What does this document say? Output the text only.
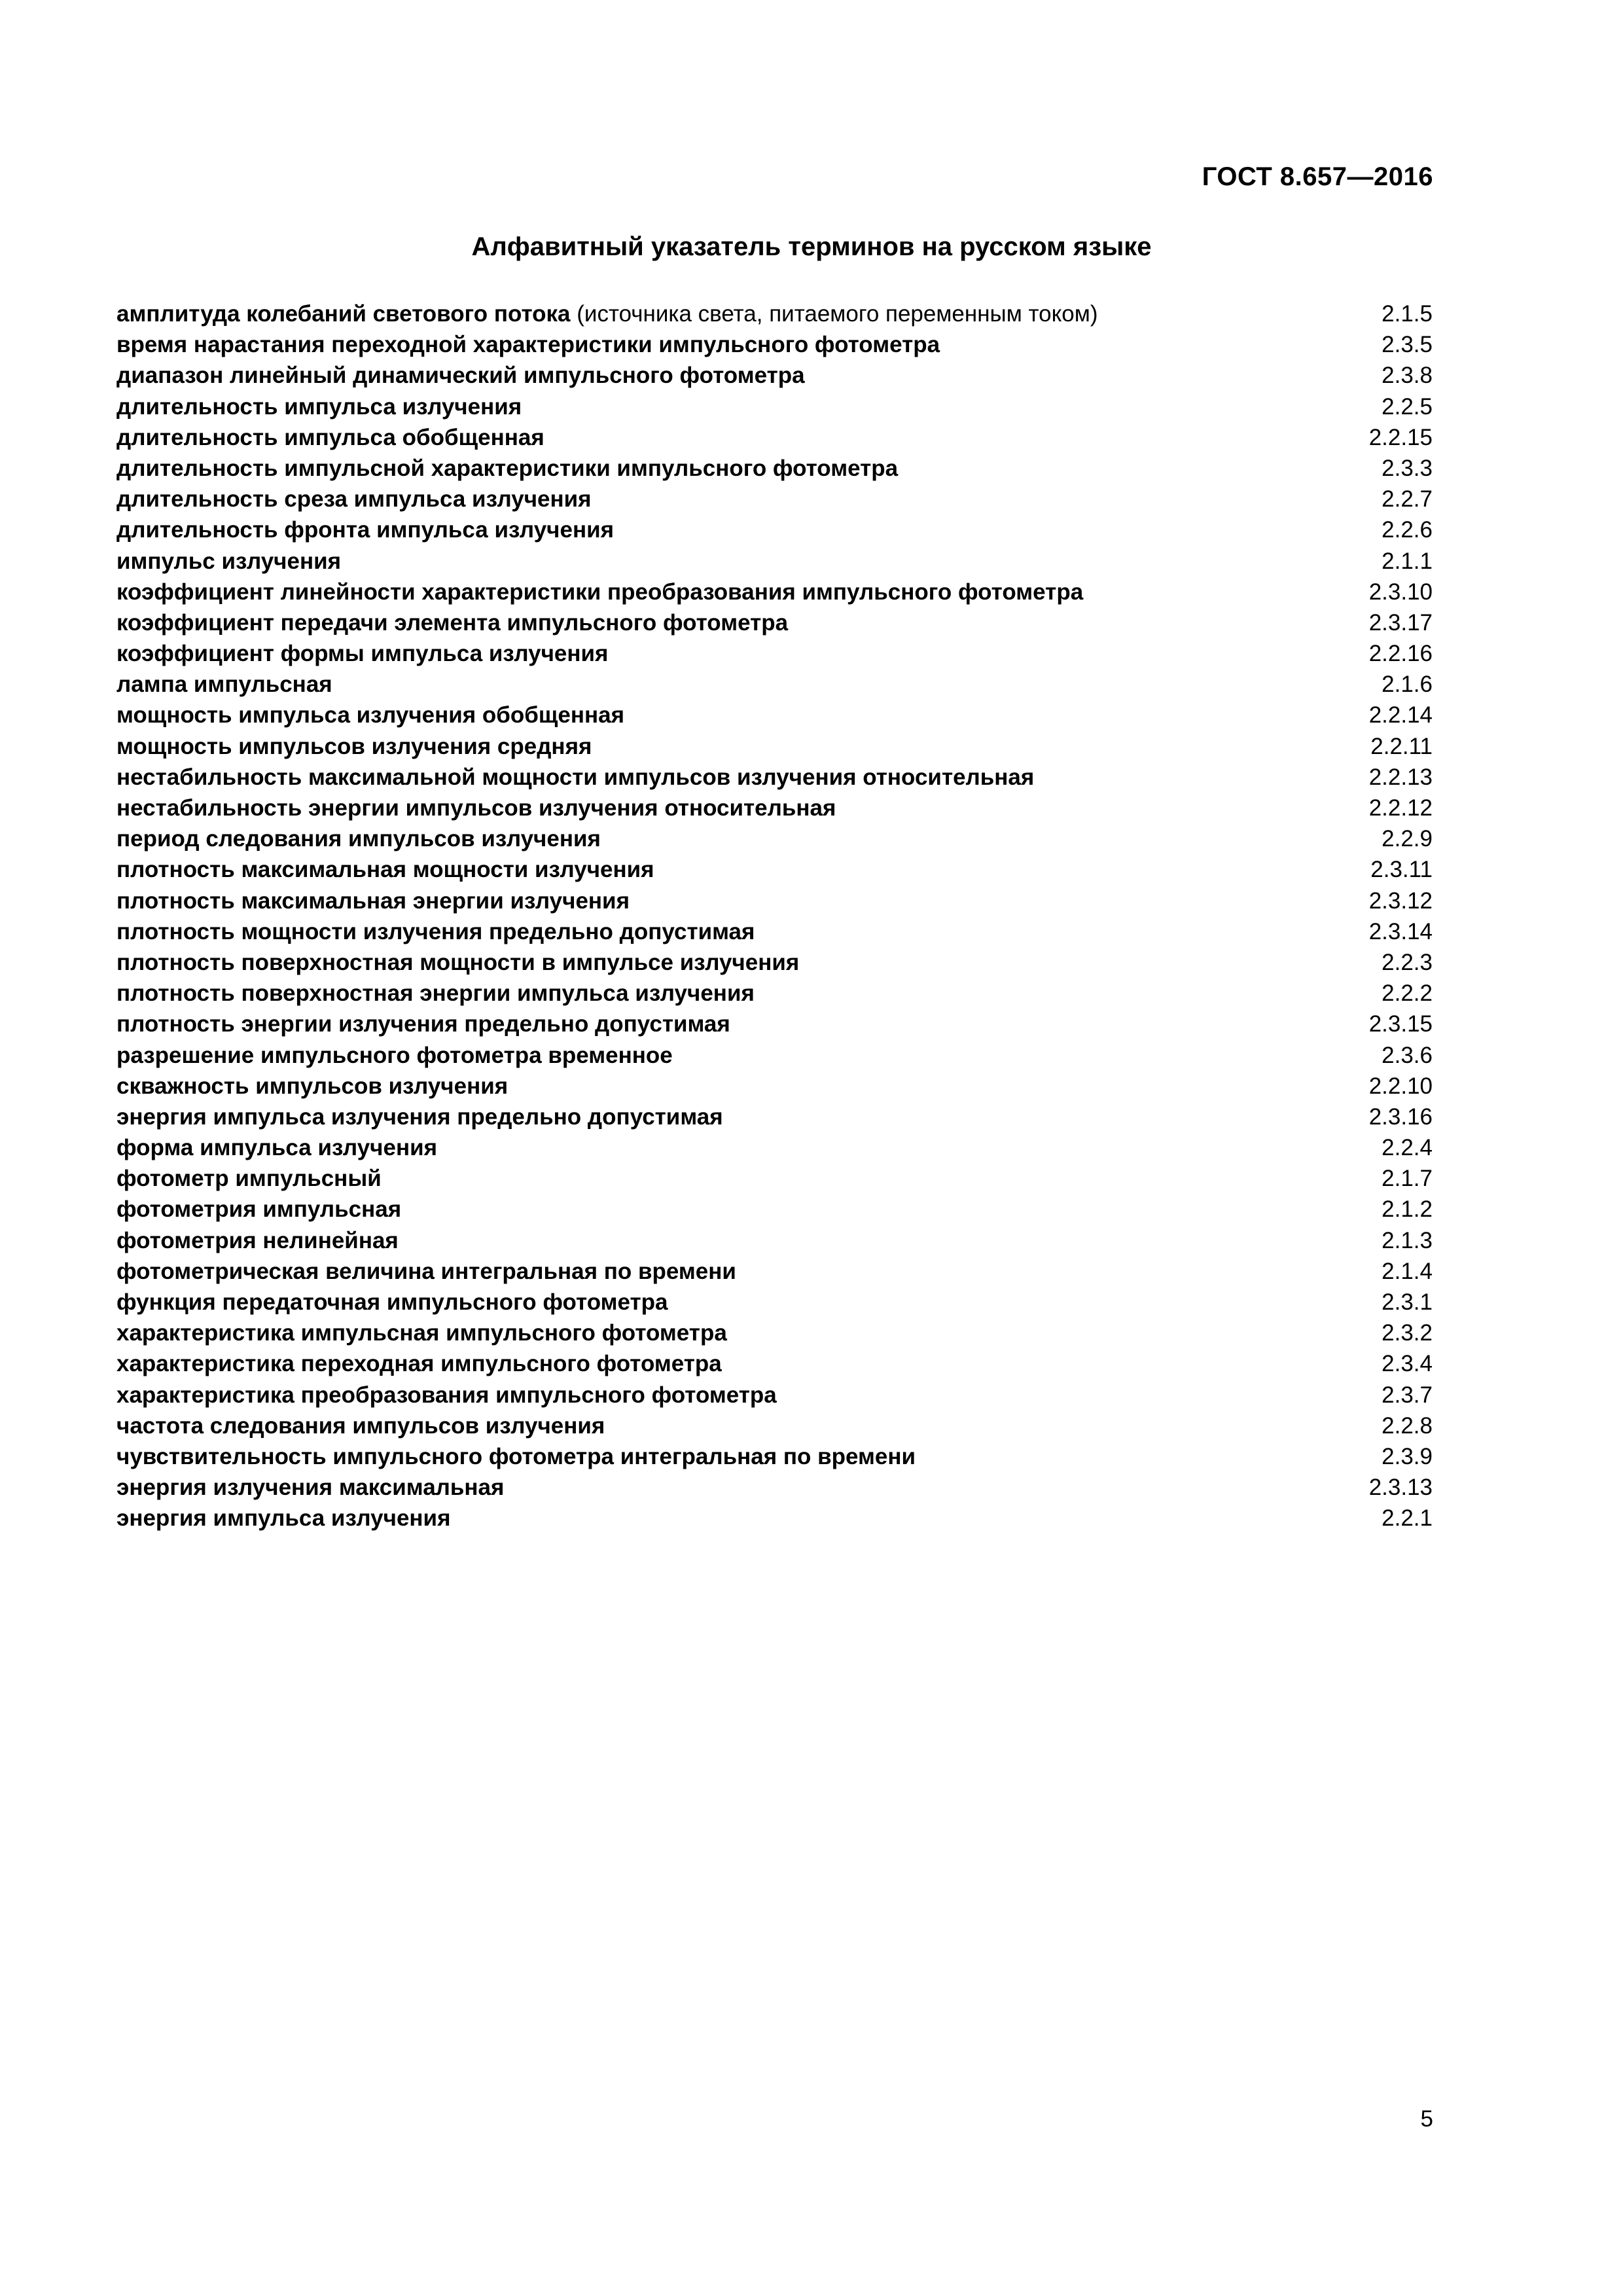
ГОСТ 8.657—2016
Алфавитный указатель терминов на русском языке
амплитуда колебаний светового потока (источника света, питаемого переменным током)	2.1.5
время нарастания переходной характеристики импульсного фотометра	2.3.5
диапазон линейный динамический импульсного фотометра	2.3.8
длительность импульса излучения	2.2.5
длительность импульса обобщенная	2.2.15
длительность импульсной характеристики импульсного фотометра	2.3.3
длительность среза импульса излучения	2.2.7
длительность фронта импульса излучения	2.2.6
импульс излучения	2.1.1
коэффициент линейности характеристики преобразования импульсного фотометра	2.3.10
коэффициент передачи элемента импульсного фотометра	2.3.17
коэффициент формы импульса излучения	2.2.16
лампа импульсная	2.1.6
мощность импульса излучения обобщенная	2.2.14
мощность импульсов излучения средняя	2.2.11
нестабильность максимальной мощности импульсов излучения относительная	2.2.13
нестабильность энергии импульсов излучения относительная	2.2.12
период следования импульсов излучения	2.2.9
плотность максимальная мощности излучения	2.3.11
плотность максимальная энергии излучения	2.3.12
плотность мощности излучения предельно допустимая	2.3.14
плотность поверхностная мощности в импульсе излучения	2.2.3
плотность поверхностная энергии импульса излучения	2.2.2
плотность энергии излучения предельно допустимая	2.3.15
разрешение импульсного фотометра временное	2.3.6
скважность импульсов излучения	2.2.10
энергия импульса излучения предельно допустимая	2.3.16
форма импульса излучения	2.2.4
фотометр импульсный	2.1.7
фотометрия импульсная	2.1.2
фотометрия нелинейная	2.1.3
фотометрическая величина интегральная по времени	2.1.4
функция передаточная импульсного фотометра	2.3.1
характеристика импульсная импульсного фотометра	2.3.2
характеристика переходная импульсного фотометра	2.3.4
характеристика преобразования импульсного фотометра	2.3.7
частота следования импульсов излучения	2.2.8
чувствительность импульсного фотометра интегральная по времени	2.3.9
энергия излучения максимальная	2.3.13
энергия импульса излучения	2.2.1
5
